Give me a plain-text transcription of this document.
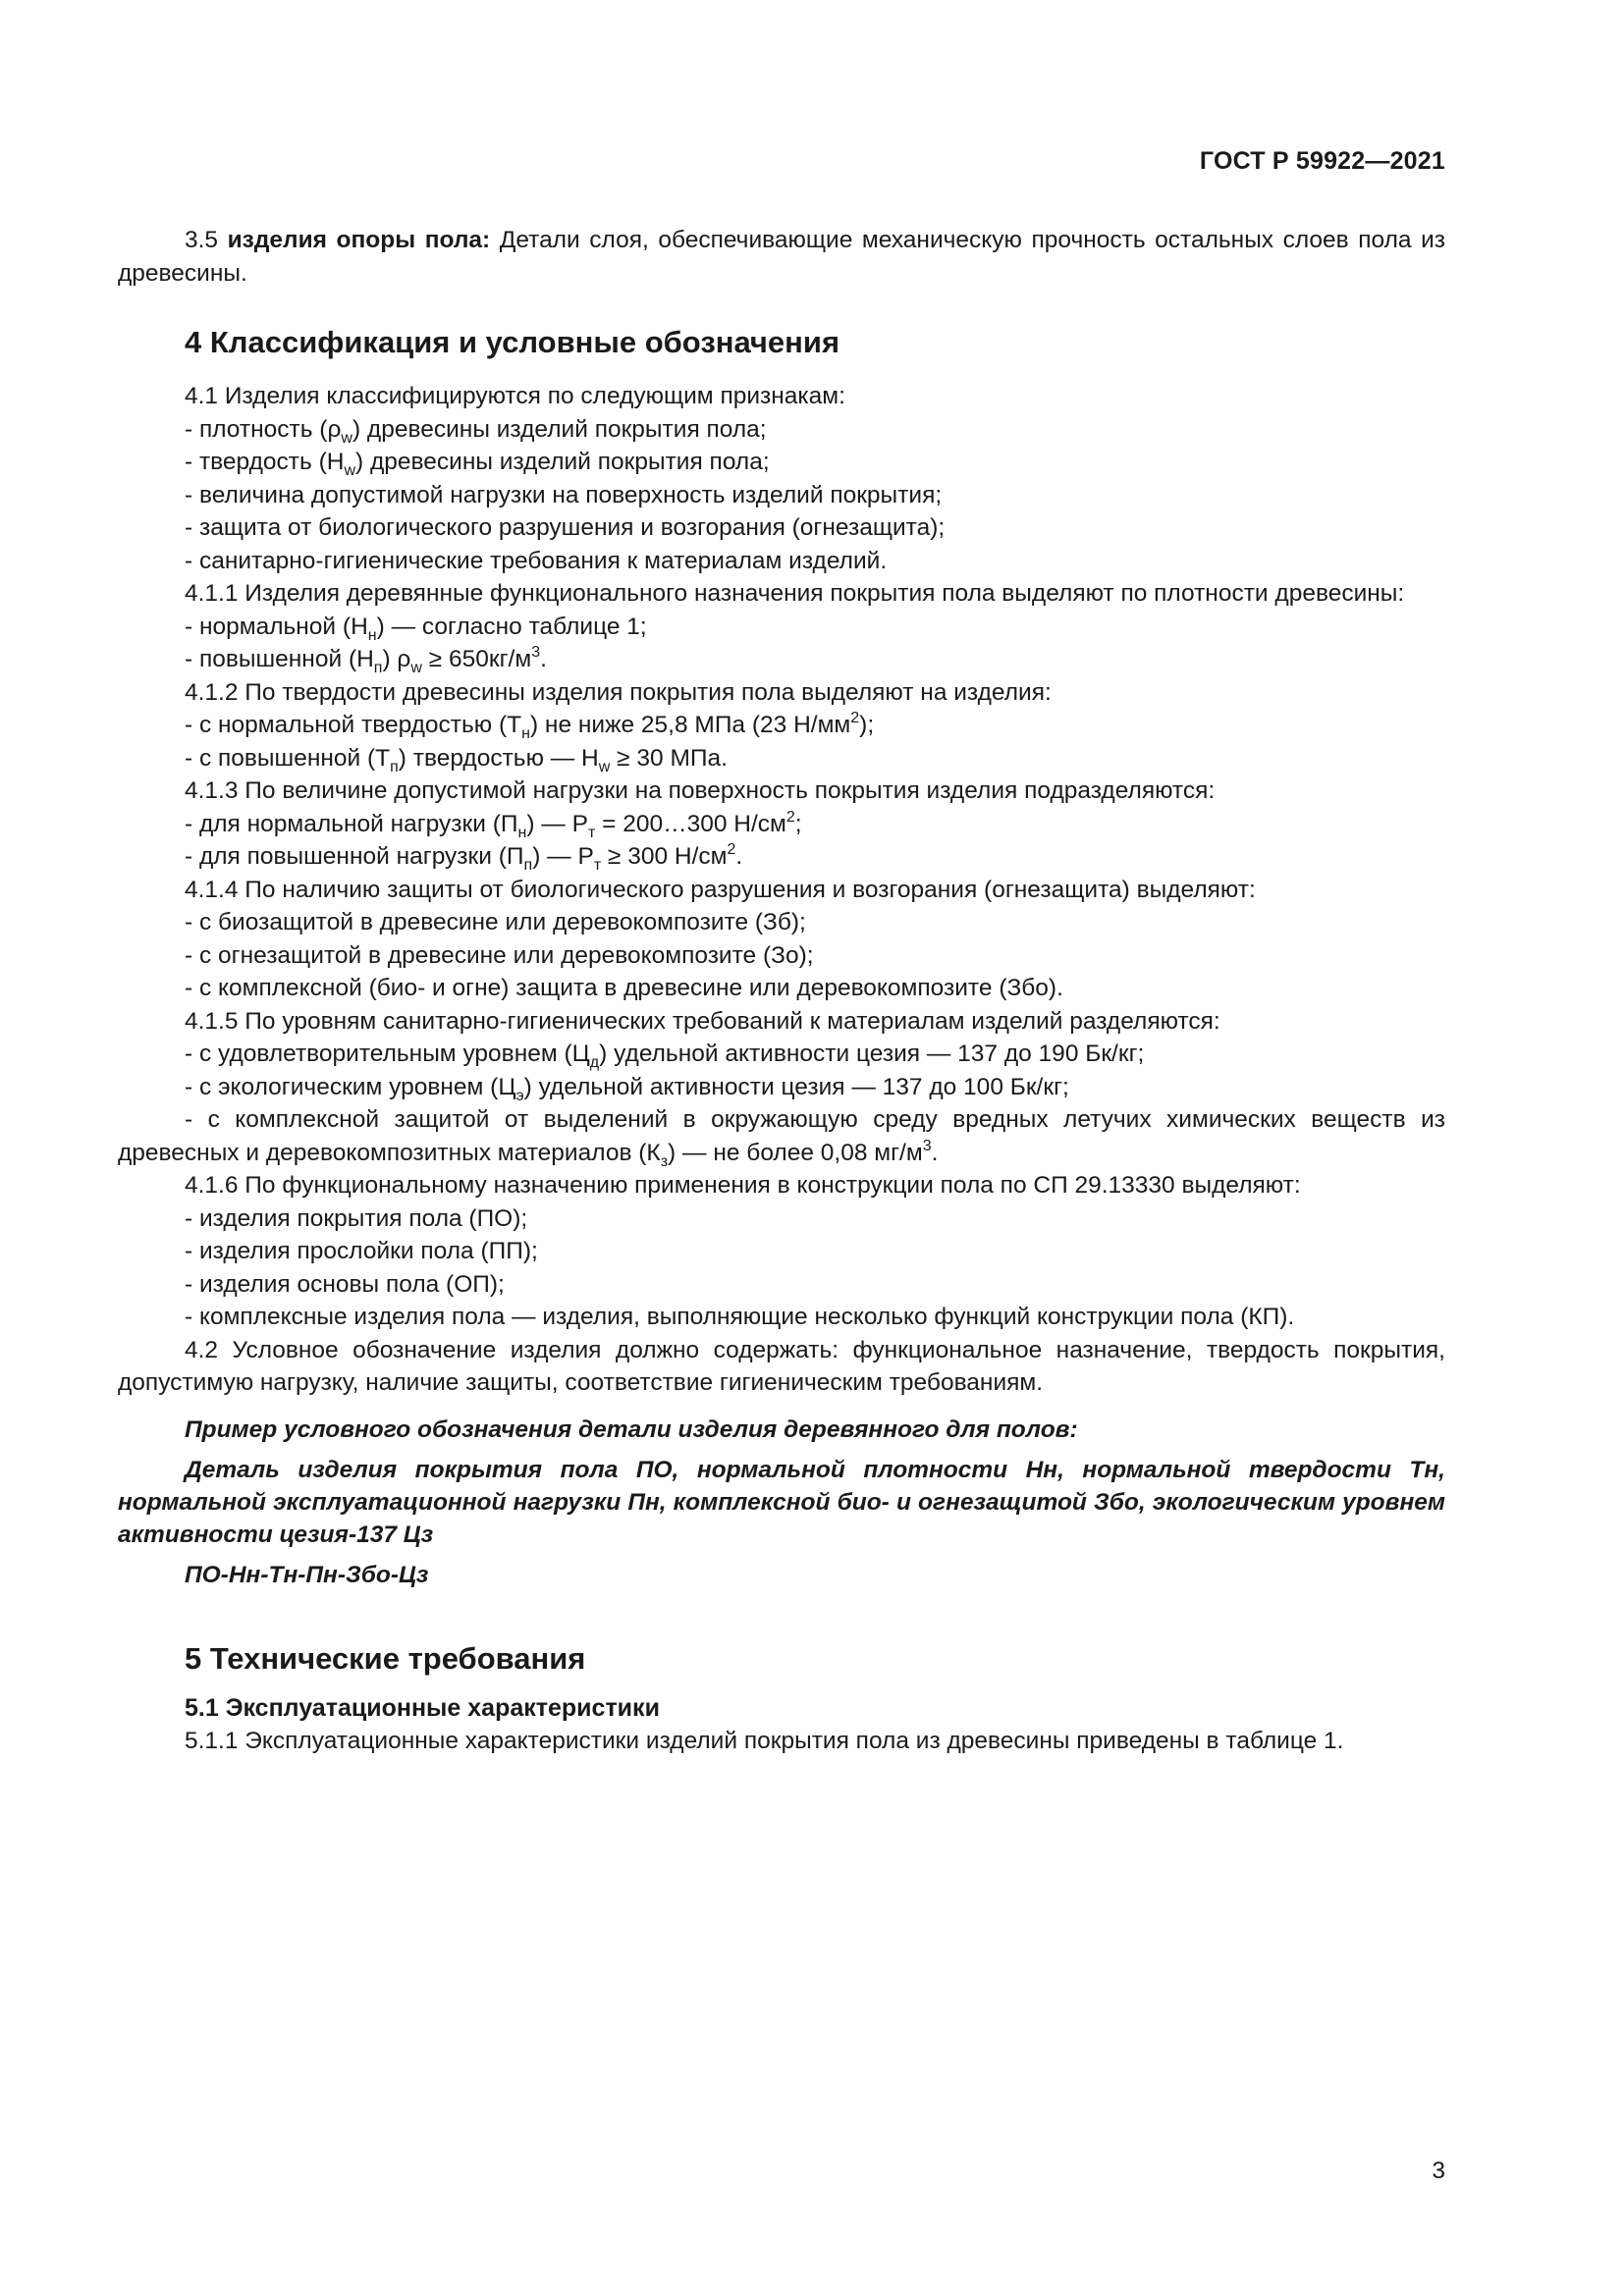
ГОСТ Р 59922—2021

3.5 изделия опоры пола: Детали слоя, обеспечивающие механическую прочность остальных слоев пола из древесины.

4 Классификация и условные обозначения

4.1 Изделия классифицируются по следующим признакам:

- плотность $(\rho_w)$ древесины изделий покрытия пола;

- твердость $(H_w)$ древесины изделий покрытия пола;

- величина допустимой нагрузки на поверхность изделий покрытия;

- защита от биологического разрушения и возгорания (огнезащита);

- санитарно-гигиенические требования к материалам изделий.

4.1.1 Изделия деревянные функционального назначения покрытия пола выделяют по плотности древесины:

- нормальной $(Н_н)$ — согласно таблице 1;

- повышенной $(Н_п) \rho_w \ge 650кг/м^3$.

4.1.2 По твердости древесины изделия покрытия пола выделяют на изделия:

- с нормальной твердостью $(Т_н)$ не ниже 25,8 МПа (23 $Н/мм^2$);

- с повышенной $(Т_п)$ твердостью — $H_w \ge 30$ МПа.

4.1.3 По величине допустимой нагрузки на поверхность покрытия изделия подразделяются:

- для нормальной нагрузки $(П_н)$ — $Р_т$ = 200…300 $Н/см^2$;

- для повышенной нагрузки $(П_п)$ — $Р_т \ge 300$ $Н/см^2$.

4.1.4 По наличию защиты от биологического разрушения и возгорания (огнезащита) выделяют:

- с биозащитой в древесине или деревокомпозите (Зб);

- с огнезащитой в древесине или деревокомпозите (Зо);

- с комплексной (био- и огне) защита в древесине или деревокомпозите (Збо).

4.1.5 По уровням санитарно-гигиенических требований к материалам изделий разделяются:

- с удовлетворительным уровнем $(Ц_д)$ удельной активности цезия — 137 до 190 Бк/кг;

- с экологическим уровнем $(Ц_э)$ удельной активности цезия — 137 до 100 Бк/кг;

- с комплексной защитой от выделений в окружающую среду вредных летучих химических веществ из древесных и деревокомпозитных материалов $(К_з)$ — не более 0,08 $мг/м^3$.

4.1.6 По функциональному назначению применения в конструкции пола по СП 29.13330 выделяют:

- изделия покрытия пола (ПО);

- изделия прослойки пола (ПП);

- изделия основы пола (ОП);

- комплексные изделия пола — изделия, выполняющие несколько функций конструкции пола (КП).

4.2 Условное обозначение изделия должно содержать: функциональное назначение, твердость покрытия, допустимую нагрузку, наличие защиты, соответствие гигиеническим требованиям.

Пример условного обозначения детали изделия деревянного для полов:

Деталь изделия покрытия пола ПО, нормальной плотности Нн, нормальной твердости Тн, нормальной эксплуатационной нагрузки Пн, комплексной био- и огнезащитой Збо, экологическим уровнем активности цезия-137 Цз

ПО-Нн-Тн-Пн-Збо-Цз

5 Технические требования

5.1 Эксплуатационные характеристики

5.1.1 Эксплуатационные характеристики изделий покрытия пола из древесины приведены в таблице 1.

3
